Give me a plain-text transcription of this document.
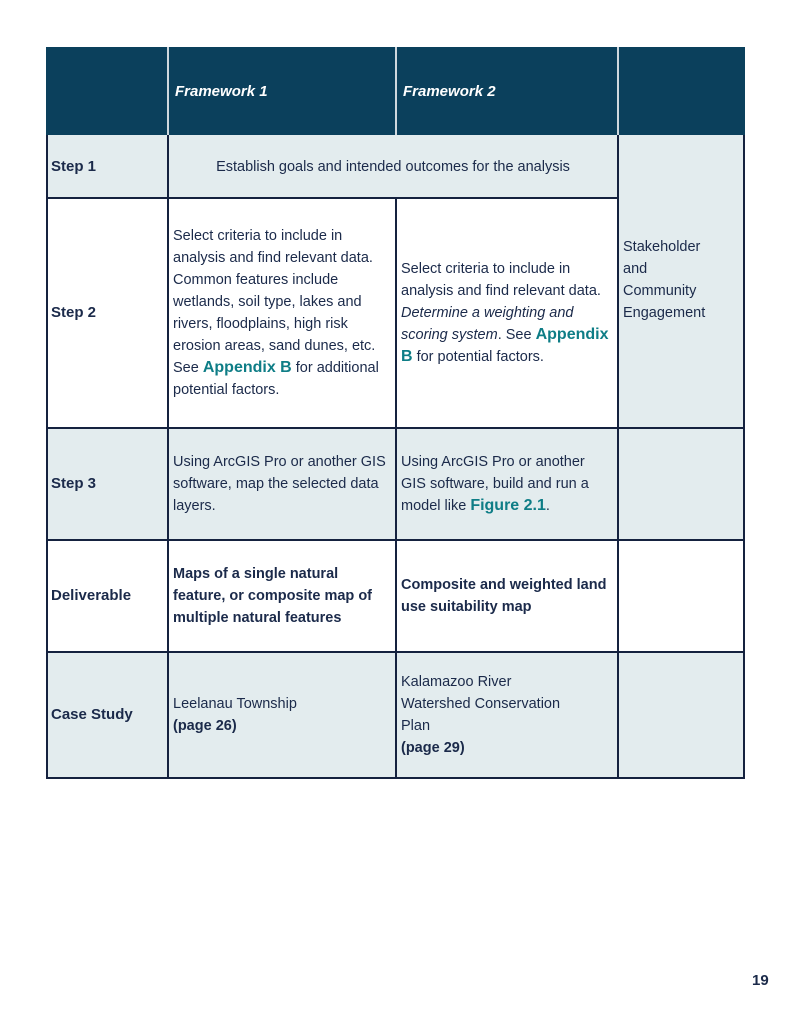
Framework 1	Framework 2
Step 1	Establish goals and intended outcomes for the analysis
Stakeholder and Community Engagement
Step 2
Select criteria to include in analysis and find relevant data. Common features include wetlands, soil type, lakes and rivers, floodplains, high risk erosion areas, sand dunes, etc. See Appendix B for additional potential factors.
Select criteria to include in analysis and find relevant data. Determine a weighting and scoring system. See Appendix B for potential factors.
Step 3
Using ArcGIS Pro or another GIS software, map the selected data layers.
Using ArcGIS Pro or another GIS software, build and run a model like Figure 2.1.
Deliverable
Maps of a single natural feature, or composite map of multiple natural features
Composite and weighted land use suitability map
Case Study
Leelanau Township
(page 26)
Kalamazoo River Watershed Conservation Plan
(page 29)
19
